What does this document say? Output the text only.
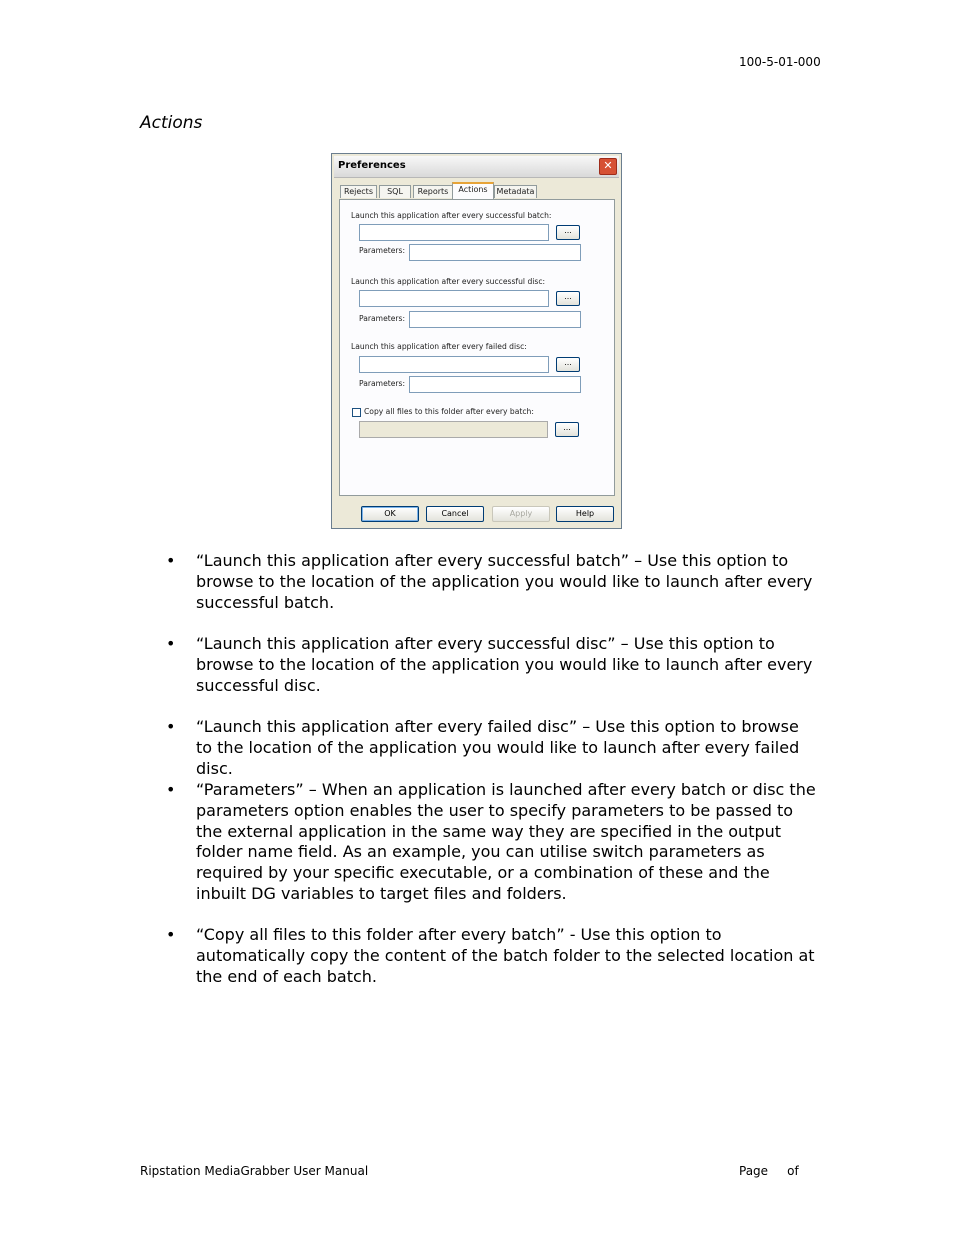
100-5-01-000
Actions
Preferences	✕
Rejects	SQL	Reports	Actions	Metadata
Launch this application after every successful batch:
...
Parameters:
Launch this application after every successful disc:
...
Parameters:
Launch this application after every failed disc:
...
Parameters:
Copy all files to this folder after every batch:
...
OK	Cancel	Apply	Help
•	“Launch this application after every successful batch” – Use this option to browse to the location of the application you would like to launch after every successful batch.
•	“Launch this application after every successful disc” – Use this option to browse to the location of the application you would like to launch after every successful disc.
•	“Launch this application after every failed disc” – Use this option to browse to the location of the application you would like to launch after every failed disc.
•	“Parameters” – When an application is launched after every batch or disc the parameters option enables the user to specify parameters to be passed to the external application in the same way they are specified in the output folder name field. As an example, you can utilise switch parameters as required by your specific executable, or a combination of these and the inbuilt DG variables to target files and folders.
•	“Copy all files to this folder after every batch” - Use this option to automatically copy the content of the batch folder to the selected location at the end of each batch.
Ripstation MediaGrabber User Manual	Page     of
